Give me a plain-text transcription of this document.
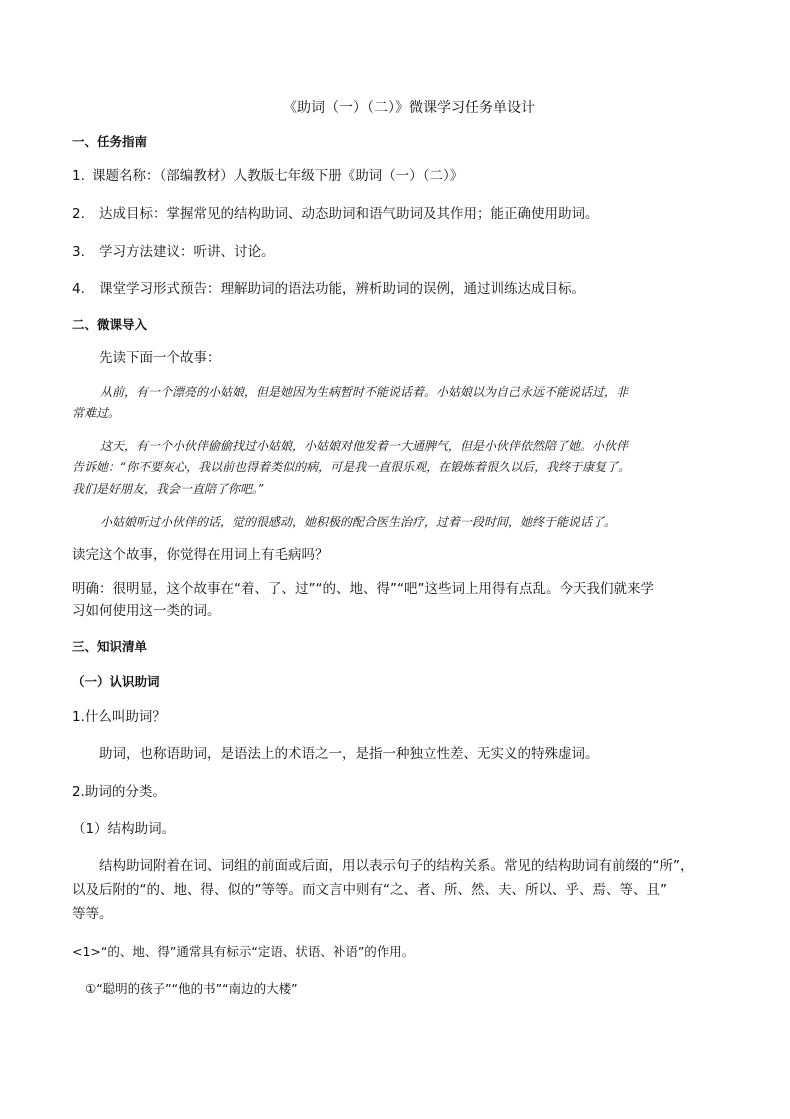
《助词（一）（二）》微课学习任务单设计

一、任务指南

1. 课题名称：（部编教材）人教版七年级下册《助词（一）（二）》

2. 达成目标：掌握常见的结构助词、动态助词和语气助词及其作用；能正确使用助词。

3. 学习方法建议：听讲、讨论。

4. 课堂学习形式预告：理解助词的语法功能，辨析助词的误例，通过训练达成目标。

二、微课导入

先读下面一个故事：

从前，有一个漂亮的小姑娘，但是她因为生病暂时不能说话着。小姑娘以为自己永远不能说话过，非

常难过。

这天，有一个小伙伴偷偷找过小姑娘，小姑娘对他发着一大通脾气，但是小伙伴依然陪了她。小伙伴

告诉她：“你不要灰心，我以前也得着类似的病，可是我一直很乐观，在锻炼着很久以后，我终于康复了。

我们是好朋友，我会一直陪了你吧。”

小姑娘听过小伙伴的话，觉的很感动，她积极的配合医生治疗，过着一段时间，她终于能说话了。

读完这个故事，你觉得在用词上有毛病吗？

明确：很明显，这个故事在“着、了、过”“的、地、得”“吧”这些词上用得有点乱。今天我们就来学

习如何使用这一类的词。

三、知识清单

（一）认识助词

1.什么叫助词？

助词，也称语助词，是语法上的术语之一，是指一种独立性差、无实义的特殊虚词。

2.助词的分类。

（1）结构助词。

结构助词附着在词、词组的前面或后面，用以表示句子的结构关系。常见的结构助词有前缀的“所”，

以及后附的“的、地、得、似的”等等。而文言中则有“之、者、所、然、夫、所以、乎、焉、等、且”

等等。

<1>“的、地、得”通常具有标示“定语、状语、补语”的作用。

①“聪明的孩子”“他的书”“南边的大楼”
